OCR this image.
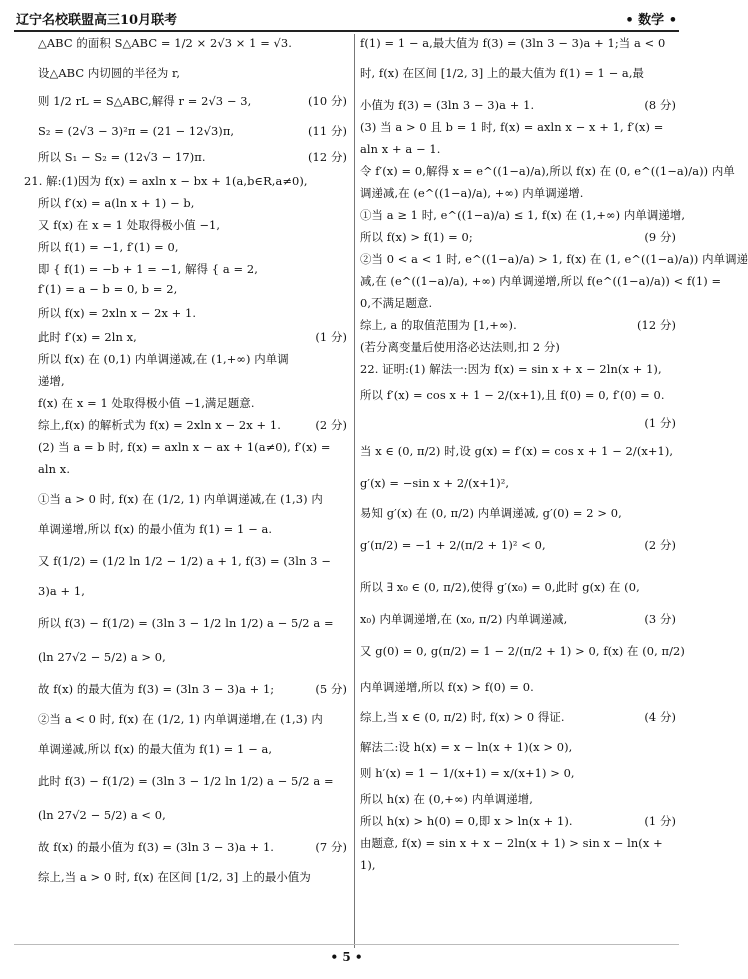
辽宁名校联盟高三10月联考	• 数学 •
△ABC 的面积 S△ABC = 1/2 × 2√3 × 1 = √3.
设△ABC 内切圆的半径为 r,
则 1/2 rL = S△ABC,解得 r = 2√3 − 3,	(10 分)
S₂ = (2√3 − 3)²π = (21 − 12√3)π,	(11 分)
所以 S₁ − S₂ = (12√3 − 17)π.	(12 分)
21. 解:(1)因为 f(x) = axln x − bx + 1(a,b∈R,a≠0),
所以 f′(x) = a(ln x + 1) − b,
又 f(x) 在 x = 1 处取得极小值 −1,
所以 f(1) = −1, f′(1) = 0,
即 { f(1) = −b + 1 = −1, 解得 { a = 2,
f′(1) = a − b = 0, b = 2,
所以 f(x) = 2xln x − 2x + 1.
此时 f′(x) = 2ln x,	(1 分)
所以 f(x) 在 (0,1) 内单调递减,在 (1,+∞) 内单调
递增,
f(x) 在 x = 1 处取得极小值 −1,满足题意.
综上,f(x) 的解析式为 f(x) = 2xln x − 2x + 1.	(2 分)
(2) 当 a = b 时, f(x) = axln x − ax + 1(a≠0), f′(x) =
aln x.
①当 a > 0 时, f(x) 在 (1/2, 1) 内单调递减,在 (1,3) 内
单调递增,所以 f(x) 的最小值为 f(1) = 1 − a.
又 f(1/2) = (1/2 ln 1/2 − 1/2) a + 1, f(3) = (3ln 3 −
3)a + 1,
所以 f(3) − f(1/2) = (3ln 3 − 1/2 ln 1/2) a − 5/2 a =
(ln 27√2 − 5/2) a > 0,
故 f(x) 的最大值为 f(3) = (3ln 3 − 3)a + 1;	(5 分)
②当 a < 0 时, f(x) 在 (1/2, 1) 内单调递增,在 (1,3) 内
单调递减,所以 f(x) 的最大值为 f(1) = 1 − a,
此时 f(3) − f(1/2) = (3ln 3 − 1/2 ln 1/2) a − 5/2 a =
(ln 27√2 − 5/2) a < 0,
故 f(x) 的最小值为 f(3) = (3ln 3 − 3)a + 1.	(7 分)
综上,当 a > 0 时, f(x) 在区间 [1/2, 3] 上的最小值为
f(1) = 1 − a,最大值为 f(3) = (3ln 3 − 3)a + 1;当 a < 0
时, f(x) 在区间 [1/2, 3] 上的最大值为 f(1) = 1 − a,最
小值为 f(3) = (3ln 3 − 3)a + 1.	(8 分)
(3) 当 a > 0 且 b = 1 时, f(x) = axln x − x + 1, f′(x) =
aln x + a − 1.
令 f′(x) = 0,解得 x = e^((1−a)/a),所以 f(x) 在 (0, e^((1−a)/a)) 内单
调递减,在 (e^((1−a)/a), +∞) 内单调递增.
①当 a ≥ 1 时, e^((1−a)/a) ≤ 1, f(x) 在 (1,+∞) 内单调递增,
所以 f(x) > f(1) = 0;	(9 分)
②当 0 < a < 1 时, e^((1−a)/a) > 1, f(x) 在 (1, e^((1−a)/a)) 内单调递
减,在 (e^((1−a)/a), +∞) 内单调递增,所以 f(e^((1−a)/a)) < f(1) =
0,不满足题意.
综上, a 的取值范围为 [1,+∞).	(12 分)
(若分离变量后使用洛必达法则,扣 2 分)
22. 证明:(1) 解法一:因为 f(x) = sin x + x − 2ln(x + 1),
所以 f′(x) = cos x + 1 − 2/(x+1),且 f(0) = 0, f′(0) = 0.
(1 分)
当 x ∈ (0, π/2) 时,设 g(x) = f′(x) = cos x + 1 − 2/(x+1),
g′(x) = −sin x + 2/(x+1)²,
易知 g′(x) 在 (0, π/2) 内单调递减, g′(0) = 2 > 0,
g′(π/2) = −1 + 2/(π/2 + 1)² < 0,	(2 分)
所以 ∃ x₀ ∈ (0, π/2),使得 g′(x₀) = 0,此时 g(x) 在 (0,
x₀) 内单调递增,在 (x₀, π/2) 内单调递减,	(3 分)
又 g(0) = 0, g(π/2) = 1 − 2/(π/2 + 1) > 0, f(x) 在 (0, π/2)
内单调递增,所以 f(x) > f(0) = 0.
综上,当 x ∈ (0, π/2) 时, f(x) > 0 得证.	(4 分)
解法二:设 h(x) = x − ln(x + 1)(x > 0),
则 h′(x) = 1 − 1/(x+1) = x/(x+1) > 0,
所以 h(x) 在 (0,+∞) 内单调递增,
所以 h(x) > h(0) = 0,即 x > ln(x + 1).	(1 分)
由题意, f(x) = sin x + x − 2ln(x + 1) > sin x − ln(x +
1),
• 5 •
